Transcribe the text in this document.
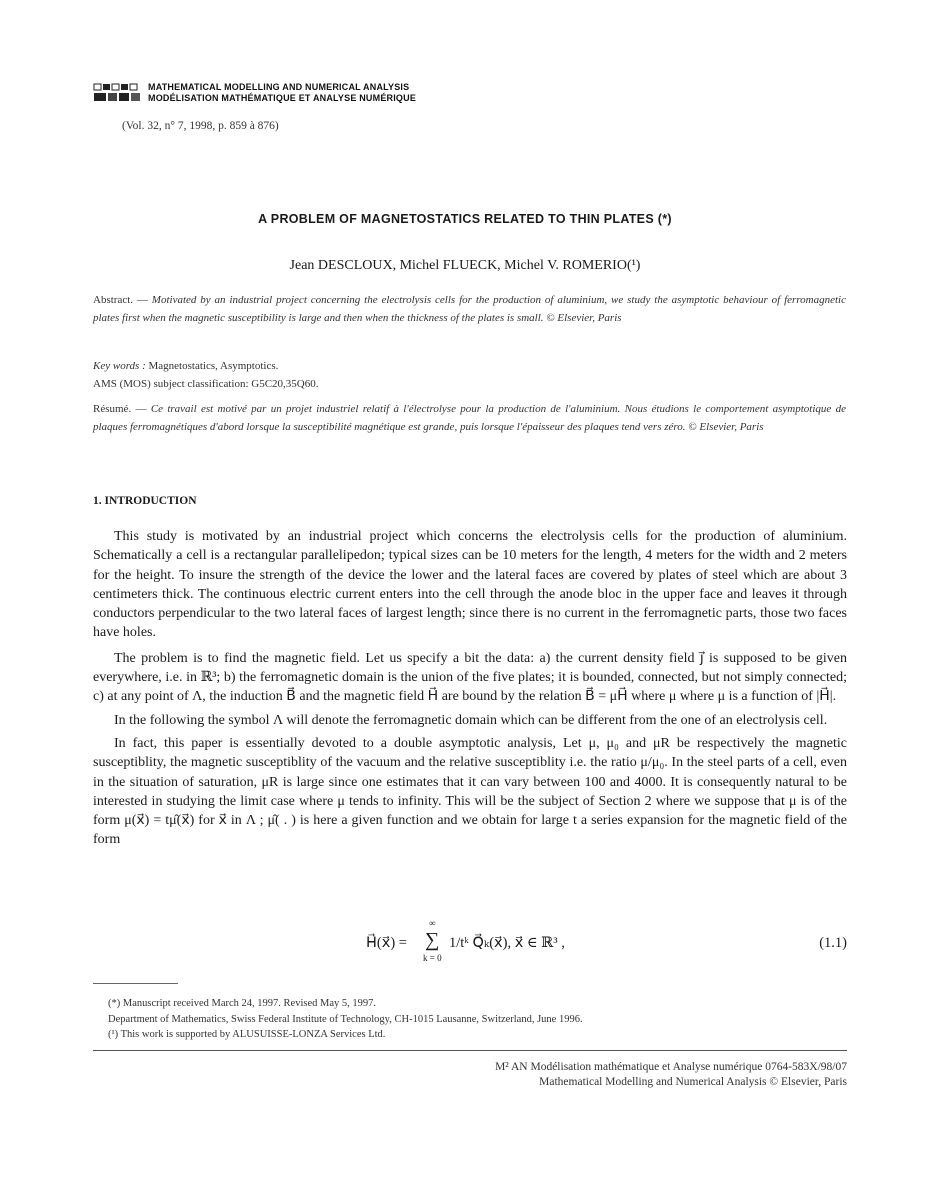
MATHEMATICAL MODELLING AND NUMERICAL ANALYSIS
MODÉLISATION MATHÉMATIQUE ET ANALYSE NUMÉRIQUE
(Vol. 32, n° 7, 1998, p. 859 à 876)
A PROBLEM OF MAGNETOSTATICS RELATED TO THIN PLATES (*)
Jean DESCLOUX, Michel FLUECK, Michel V. ROMERIO(¹)
Abstract. — Motivated by an industrial project concerning the electrolysis cells for the production of aluminium, we study the asymptotic behaviour of ferromagnetic plates first when the magnetic susceptibility is large and then when the thickness of the plates is small. © Elsevier, Paris
Key words : Magnetostatics, Asymptotics.
AMS (MOS) subject classification: G5C20,35Q60.
Résumé. — Ce travail est motivé par un projet industriel relatif à l'électrolyse pour la production de l'aluminium. Nous étudions le comportement asymptotique de plaques ferromagnétiques d'abord lorsque la susceptibilité magnétique est grande, puis lorsque l'épaisseur des plaques tend vers zéro. © Elsevier, Paris
1. INTRODUCTION

This study is motivated by an industrial project which concerns the electrolysis cells for the production of aluminium. Schematically a cell is a rectangular parallelipedon; typical sizes can be 10 meters for the length, 4 meters for the width and 2 meters for the height. To insure the strength of the device the lower and the lateral faces are covered by plates of steel which are about 3 centimeters thick. The continuous electric current enters into the cell through the anode bloc in the upper face and leaves it through conductors perpendicular to the two lateral faces of largest length; since there is no current in the ferromagnetic parts, those two faces have holes.

The problem is to find the magnetic field. Let us specify a bit the data: a) the current density field j⃗ is supposed to be given everywhere, i.e. in ℝ³; b) the ferromagnetic domain is the union of the five plates; it is bounded, connected, but not simply connected; c) at any point of Λ, the induction B⃗ and the magnetic field H⃗ are bound by the relation B⃗ = μH⃗ where μ where μ is a function of |H⃗|.

In the following the symbol Λ will denote the ferromagnetic domain which can be different from the one of an electrolysis cell.

In fact, this paper is essentially devoted to a double asymptotic analysis, Let μ, μ₀ and μR be respectively the magnetic susceptiblity, the magnetic susceptiblity of the vacuum and the relative susceptiblity i.e. the ratio μ/μ₀. In the steel parts of a cell, even in the situation of saturation, μR is large since one estimates that it can vary between 100 and 4000. It is consequently natural to be interested in studying the limit case where μ tends to infinity. This will be the subject of Section 2 where we suppose that μ is of the form μ(x⃗) = tμ̂(x⃗) for x⃗ in Λ ; μ̂( . ) is here a given function and we obtain for large t a series expansion for the magnetic field of the form

H⃗(x⃗) =
∞
∑
k = 0
1/tᵏ Q⃗ₖ(x⃗), x⃗ ∈ ℝ³ ,	(1.1)
(*) Manuscript received March 24, 1997. Revised May 5, 1997.
Department of Mathematics, Swiss Federal Institute of Technology, CH-1015 Lausanne, Switzerland, June 1996.
(¹) This work is supported by ALUSUISSE-LONZA Services Ltd.
M² AN Modélisation mathématique et Analyse numérique 0764-583X/98/07
Mathematical Modelling and Numerical Analysis © Elsevier, Paris
